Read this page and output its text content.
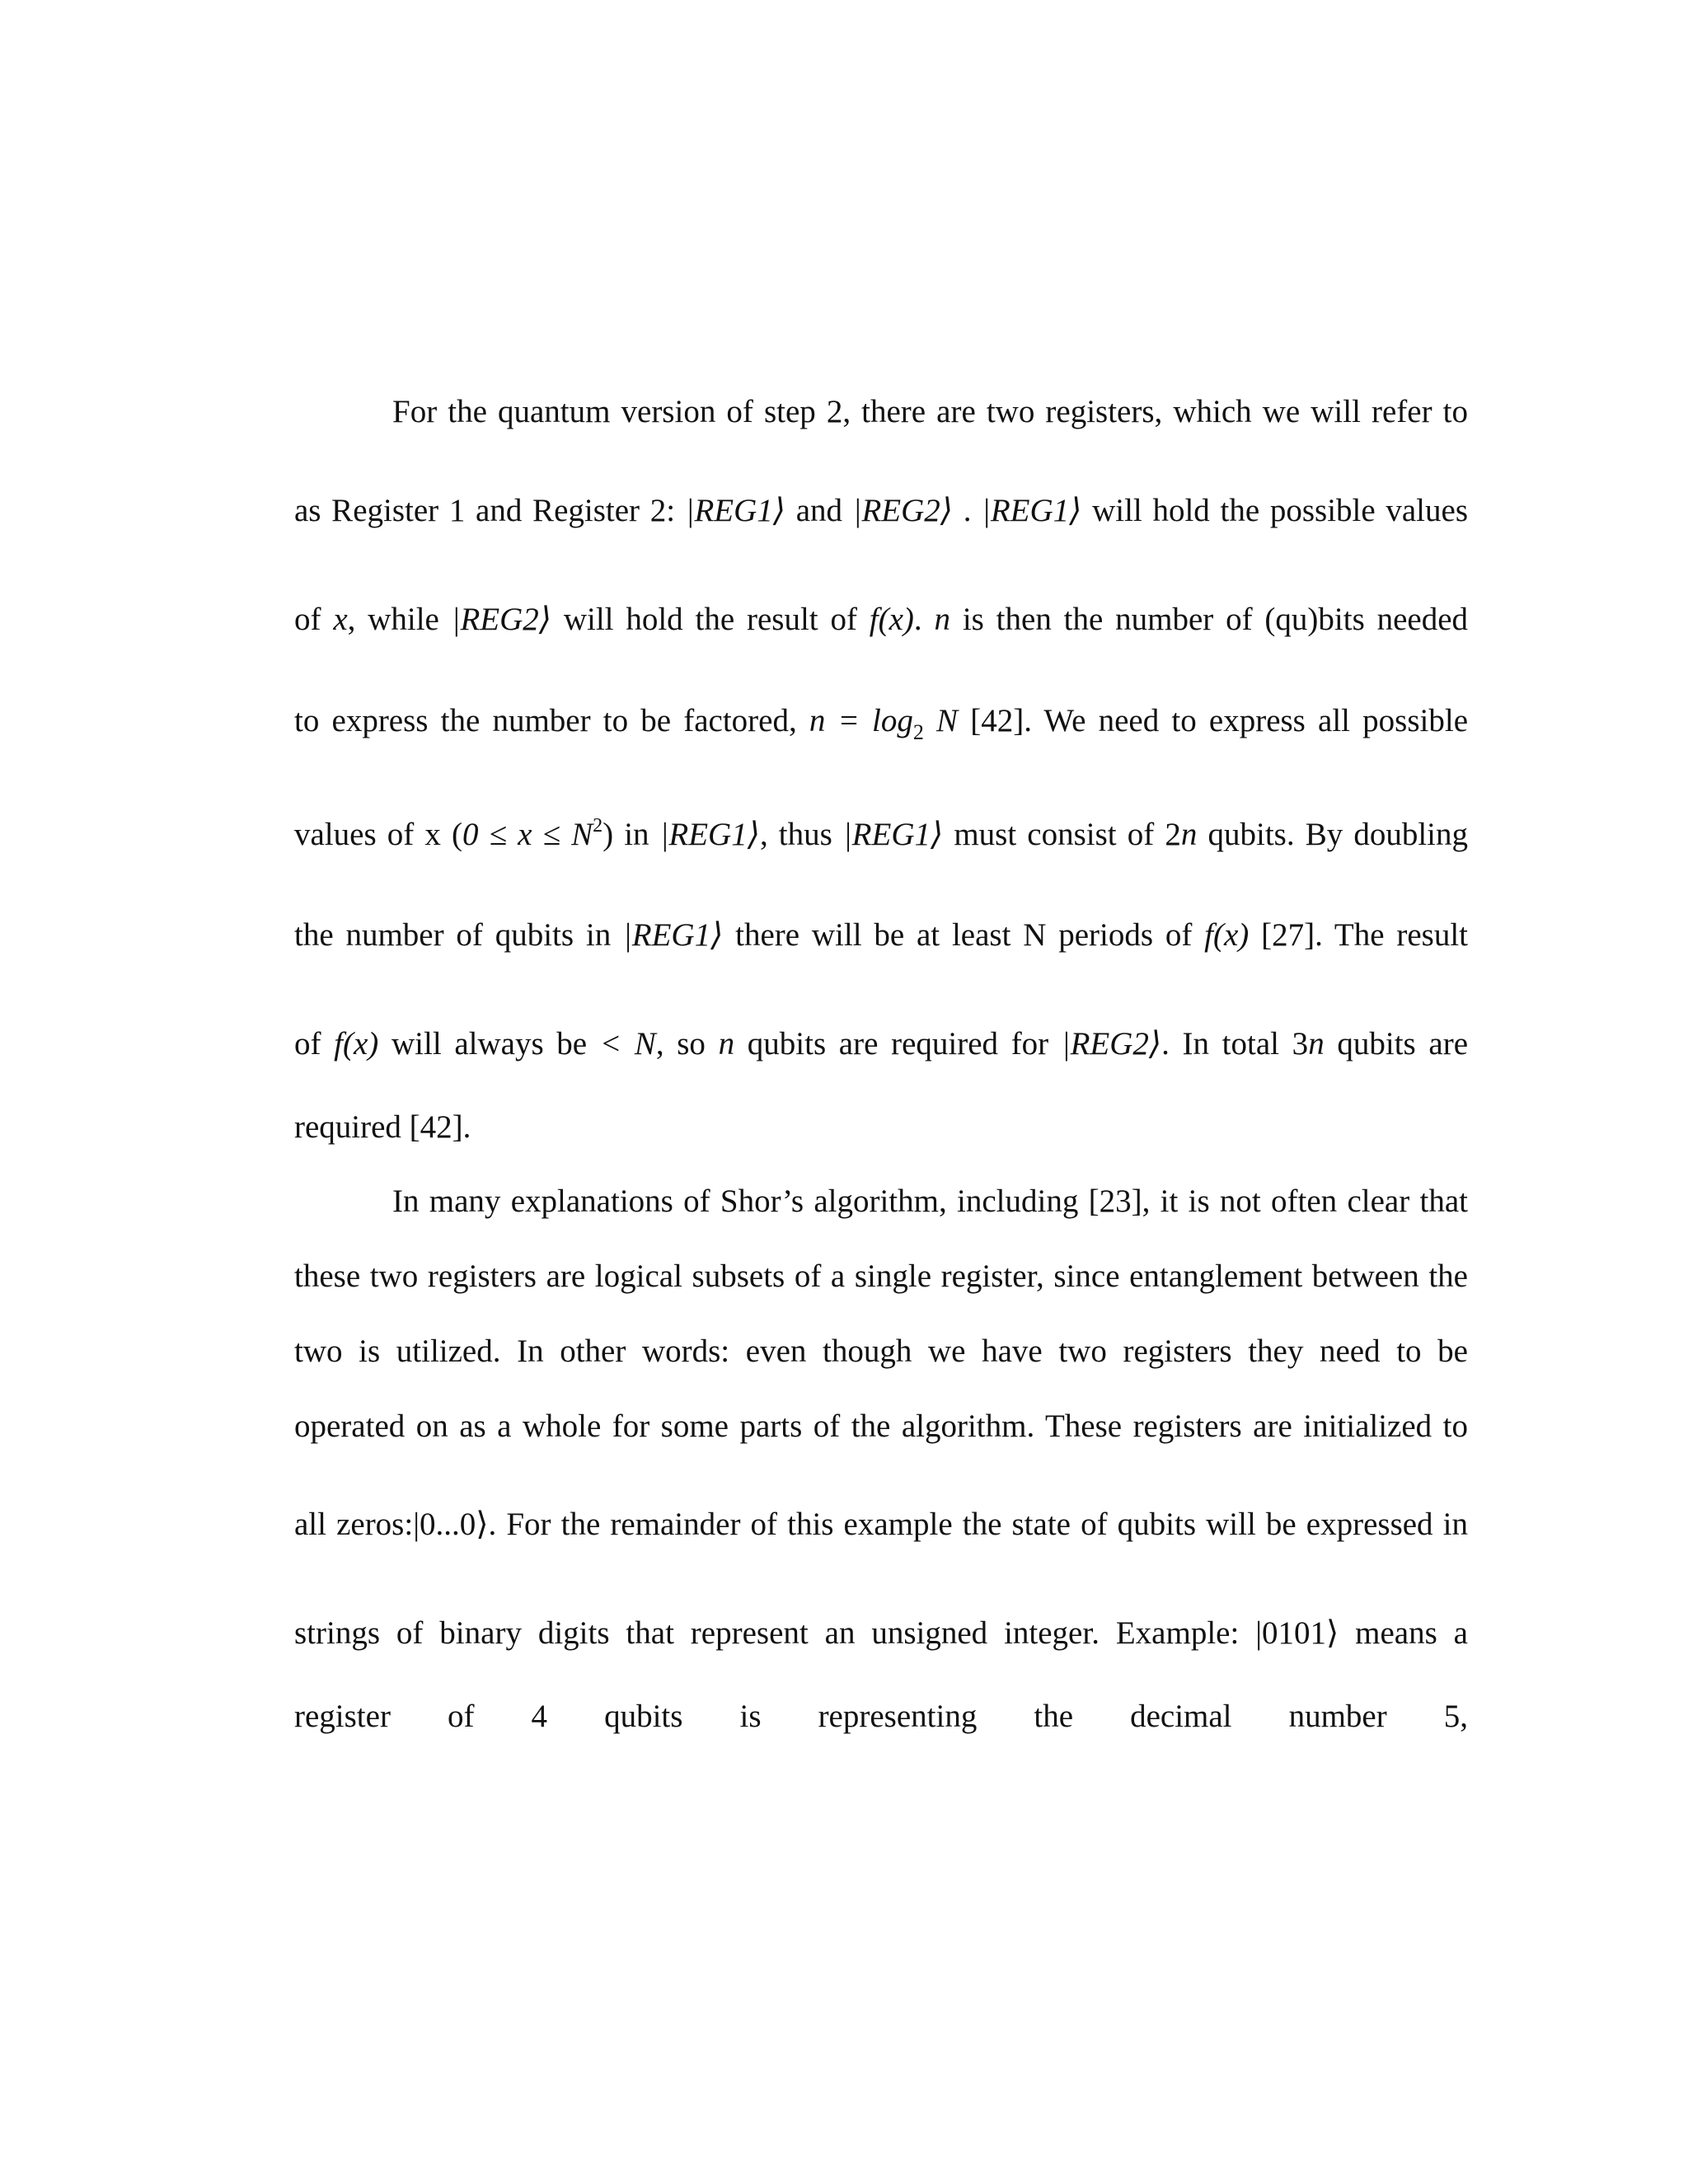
For the quantum version of step 2, there are two registers, which we will refer to
as Register 1 and Register 2: |REG1⟩ and |REG2⟩ . |REG1⟩ will hold the possible values
of x, while |REG2⟩ will hold the result of f(x). n is then the number of (qu)bits needed
to express the number to be factored, $n = \log_2 N$ [42]. We need to express all possible
values of x $(0 \le x \le N^2)$ in |REG1⟩, thus |REG1⟩ must consist of 2n qubits. By doubling
the number of qubits in |REG1⟩ there will be at least N periods of f(x) [27]. The result
of f(x) will always be < N, so n qubits are required for |REG2⟩. In total 3n qubits are
required [42].
In many explanations of Shor’s algorithm, including [23], it is not often clear that
these two registers are logical subsets of a single register, since entanglement between the
two is utilized. In other words: even though we have two registers they need to be
operated on as a whole for some parts of the algorithm. These registers are initialized to
all zeros:|0...0⟩. For the remainder of this example the state of qubits will be expressed in
strings of binary digits that represent an unsigned integer. Example: |0101⟩ means a
register of 4 qubits is representing the decimal number 5,
